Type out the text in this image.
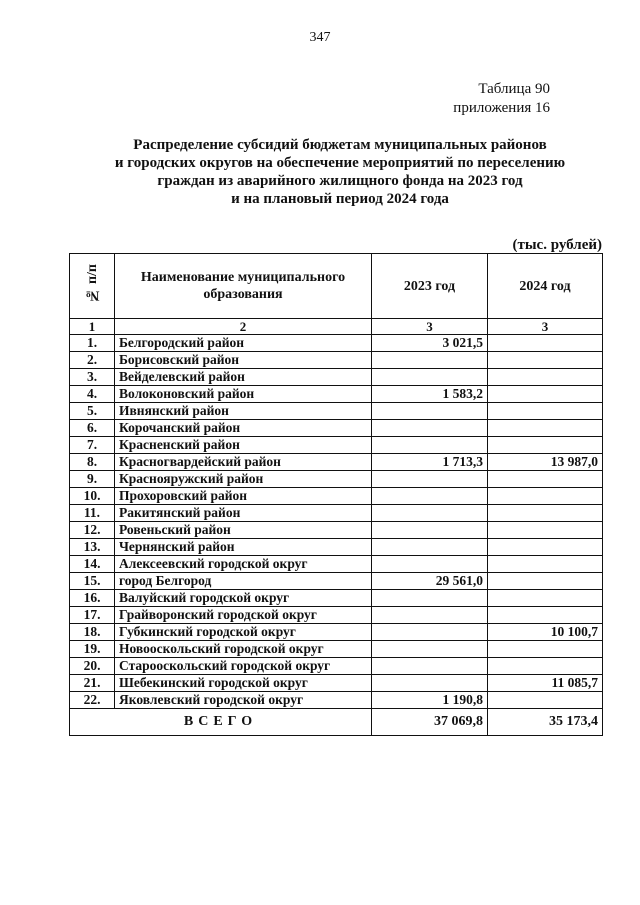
347
Таблица 90
приложения 16
Распределение субсидий бюджетам муниципальных районов
и городских округов на обеспечение мероприятий по переселению
граждан из аварийного жилищного фонда на 2023 год
и на плановый период 2024 года
(тыс. рублей)
№ п/п	Наименование муниципального образования	2023 год	2024 год
1	2	3	3
1.	Белгородский район	3 021,5	
2.	Борисовский район		
3.	Вейделевский район		
4.	Волоконовский район	1 583,2	
5.	Ивнянский район		
6.	Корочанский район		
7.	Красненский район		
8.	Красногвардейский район	1 713,3	13 987,0
9.	Краснояружский район		
10.	Прохоровский район		
11.	Ракитянский район		
12.	Ровеньский район		
13.	Чернянский район		
14.	Алексеевский городской округ		
15.	город Белгород	29 561,0	
16.	Валуйский городской округ		
17.	Грайворонский городской округ		
18.	Губкинский городской округ		10 100,7
19.	Новооскольский городской округ		
20.	Старооскольский городской округ		
21.	Шебекинский городской округ		11 085,7
22.	Яковлевский городской округ	1 190,8	
ВСЕГО		37 069,8	35 173,4
